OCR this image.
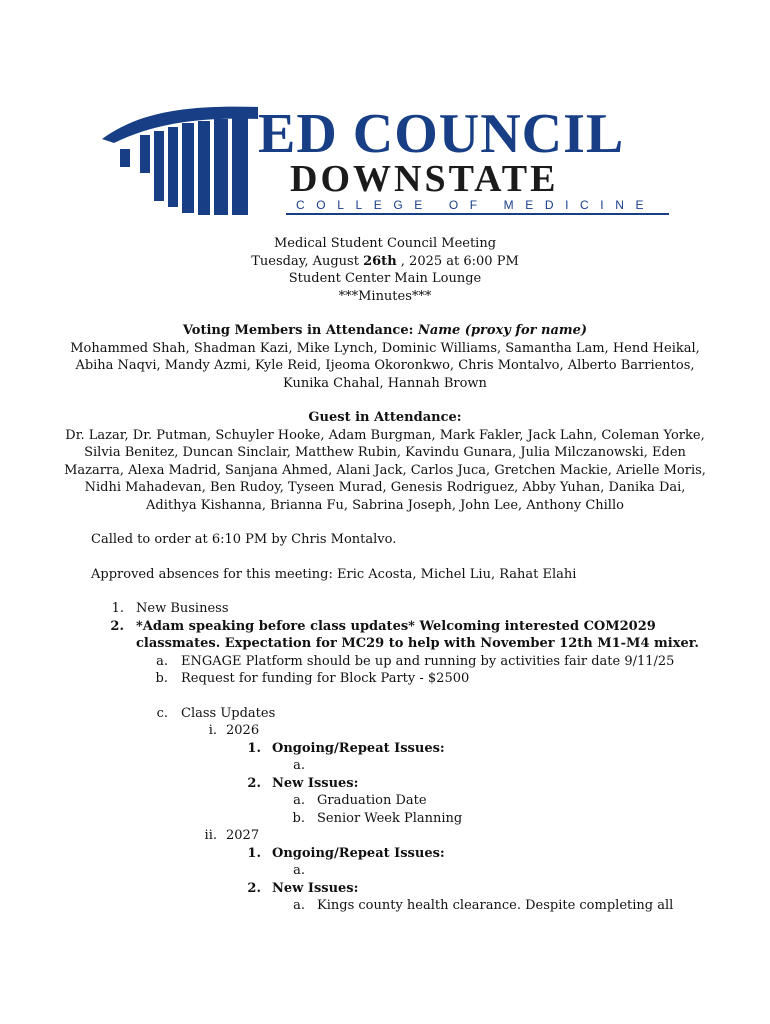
ED COUNCIL
DOWNSTATE
COLLEGE OF MEDICINE
Medical Student Council Meeting
Tuesday, August 26th , 2025 at 6:00 PM
Student Center Main Lounge
***Minutes***
Voting Members in Attendance: Name (proxy for name)
Mohammed Shah, Shadman Kazi, Mike Lynch, Dominic Williams, Samantha Lam, Hend Heikal,
Abiha Naqvi, Mandy Azmi, Kyle Reid, Ijeoma Okoronkwo, Chris Montalvo, Alberto Barrientos,
Kunika Chahal, Hannah Brown
Guest in Attendance:
Dr. Lazar, Dr. Putman, Schuyler Hooke, Adam Burgman, Mark Fakler, Jack Lahn, Coleman Yorke,
Silvia Benitez, Duncan Sinclair, Matthew Rubin, Kavindu Gunara, Julia Milczanowski, Eden
Mazarra, Alexa Madrid, Sanjana Ahmed, Alani Jack, Carlos Juca, Gretchen Mackie, Arielle Moris,
Nidhi Mahadevan, Ben Rudoy, Tyseen Murad, Genesis Rodriguez, Abby Yuhan, Danika Dai,
Adithya Kishanna, Brianna Fu, Sabrina Joseph, John Lee, Anthony Chillo
Called to order at 6:10 PM by Chris Montalvo.
Approved absences for this meeting: Eric Acosta, Michel Liu, Rahat Elahi
1. New Business
2. *Adam speaking before class updates* Welcoming interested COM2029
classmates. Expectation for MC29 to help with November 12th M1-M4 mixer.
a. ENGAGE Platform should be up and running by activities fair date 9/11/25
b. Request for funding for Block Party - $2500
c. Class Updates
i. 2026
1. Ongoing/Repeat Issues:
a.
2. New Issues:
a. Graduation Date
b. Senior Week Planning
ii. 2027
1. Ongoing/Repeat Issues:
a.
2. New Issues:
a. Kings county health clearance. Despite completing all
